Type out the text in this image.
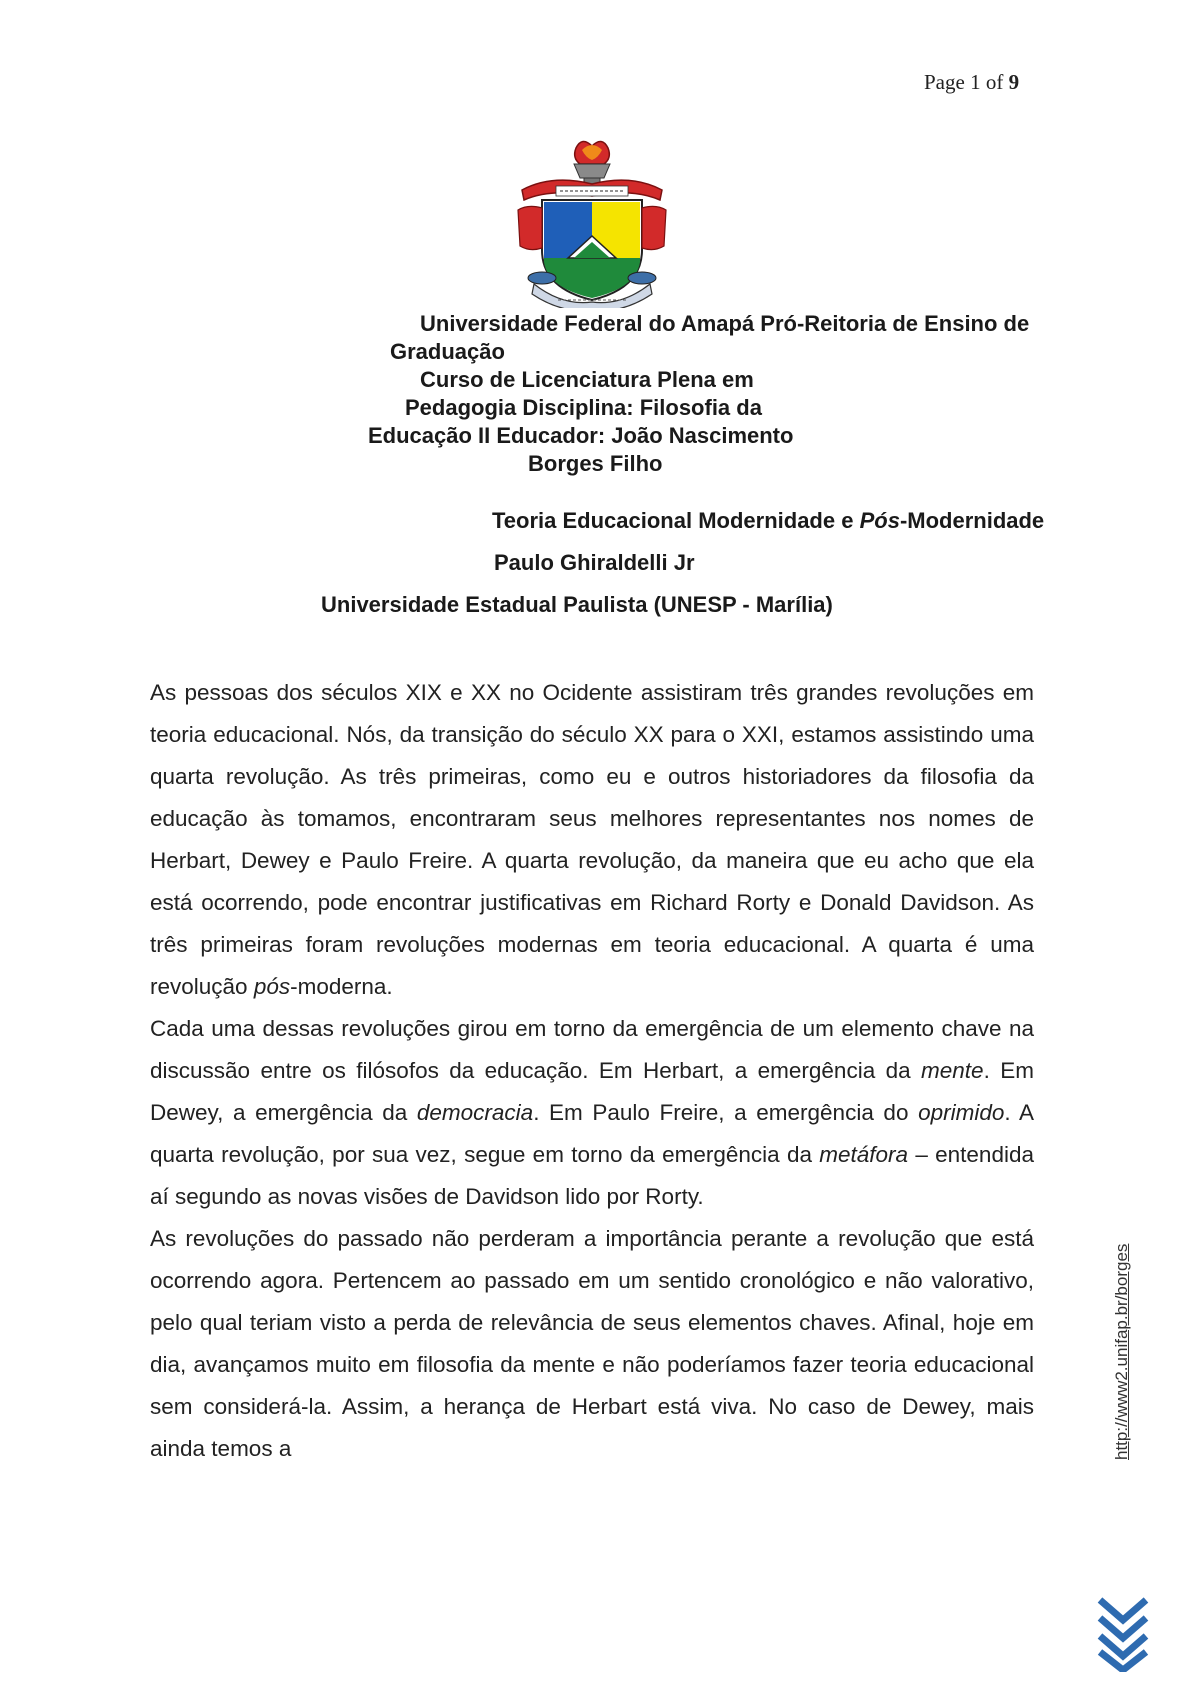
Page 1 of 9
Universidade Federal do Amapá Pró-Reitoria de Ensino de
Graduação
Curso de Licenciatura Plena em
Pedagogia Disciplina: Filosofia da
Educação II Educador: João Nascimento
Borges Filho
Teoria Educacional Modernidade e Pós-Modernidade
Paulo Ghiraldelli Jr
Universidade Estadual Paulista (UNESP - Marília)

As pessoas dos séculos XIX e XX no Ocidente assistiram três grandes revoluções em teoria educacional. Nós, da transição do século XX para o XXI, estamos assistindo uma quarta revolução. As três primeiras, como eu e outros historiadores da filosofia da educação às tomamos, encontraram seus melhores representantes nos nomes de Herbart, Dewey e Paulo Freire. A quarta revolução, da maneira que eu acho que ela está ocorrendo, pode encontrar justificativas em Richard Rorty e Donald Davidson. As três primeiras foram revoluções modernas em teoria educacional. A quarta é uma revolução pós-moderna.

Cada uma dessas revoluções girou em torno da emergência de um elemento chave na discussão entre os filósofos da educação. Em Herbart, a emergência da mente. Em Dewey, a emergência da democracia. Em Paulo Freire, a emergência do oprimido. A quarta revolução, por sua vez, segue em torno da emergência da metáfora – entendida aí segundo as novas visões de Davidson lido por Rorty.

As revoluções do passado não perderam a importância perante a revolução que está ocorrendo agora. Pertencem ao passado em um sentido cronológico e não valorativo, pelo qual teriam visto a perda de relevância de seus elementos chaves. Afinal, hoje em dia, avançamos muito em filosofia da mente e não poderíamos fazer teoria educacional sem considerá-la. Assim, a herança de Herbart está viva. No caso de Dewey, mais ainda temos a	http://www2.unifap.br/borges
